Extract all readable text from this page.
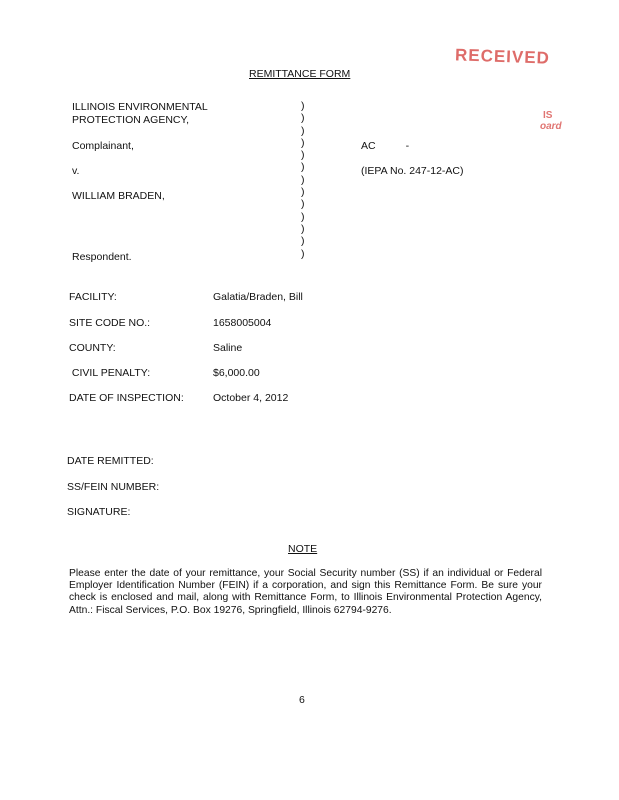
REMITTANCE FORM
RECEIVED
IS
oard
ILLINOIS ENVIRONMENTAL
PROTECTION AGENCY,
Complainant,
v.
WILLIAM BRADEN,
Respondent.
)
)
)
)
)
)
)
)
)
)
)
)
)
AC	-
(IEPA No. 247-12-AC)
FACILITY:	Galatia/Braden, Bill
SITE CODE NO.:	1658005004
COUNTY:	Saline
CIVIL PENALTY:	$6,000.00
DATE OF INSPECTION:	October 4, 2012
DATE REMITTED:
SS/FEIN NUMBER:
SIGNATURE:
NOTE
Please enter the date of your remittance, your Social Security number (SS) if an individual or Federal Employer Identification Number (FEIN) if a corporation, and sign this Remittance Form. Be sure your check is enclosed and mail, along with Remittance Form, to Illinois Environmental Protection Agency, Attn.: Fiscal Services, P.O. Box 19276, Springfield, Illinois 62794-9276.
6
